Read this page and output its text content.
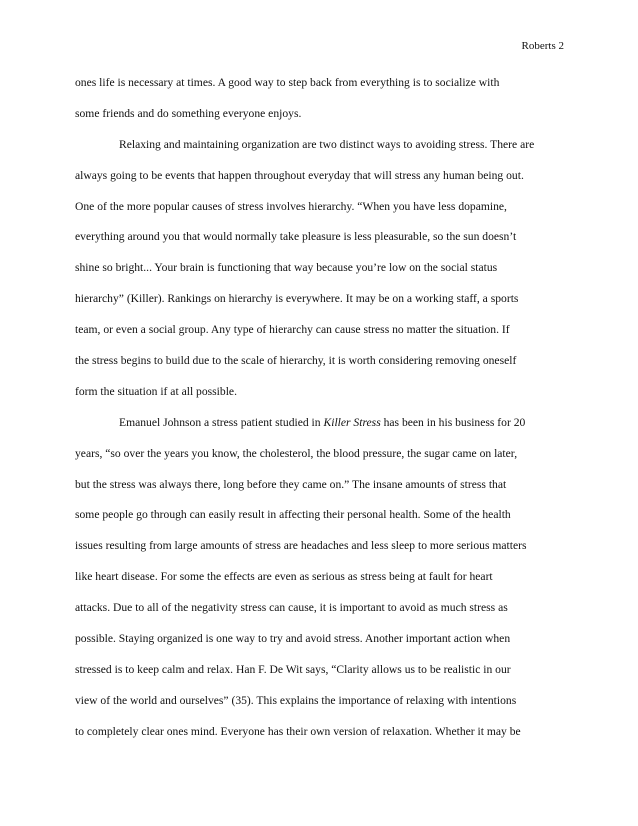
Roberts 2
ones life is necessary at times. A good way to step back from everything is to socialize with
some friends and do something everyone enjoys.
Relaxing and maintaining organization are two distinct ways to avoiding stress. There are
always going to be events that happen throughout everyday that will stress any human being out.
One of the more popular causes of stress involves hierarchy. “When you have less dopamine,
everything around you that would normally take pleasure is less pleasurable, so the sun doesn’t
shine so bright... Your brain is functioning that way because you’re low on the social status
hierarchy” (Killer). Rankings on hierarchy is everywhere. It may be on a working staff, a sports
team, or even a social group. Any type of hierarchy can cause stress no matter the situation. If
the stress begins to build due to the scale of hierarchy, it is worth considering removing oneself
form the situation if at all possible.
Emanuel Johnson a stress patient studied in Killer Stress has been in his business for 20
years, “so over the years you know, the cholesterol, the blood pressure, the sugar came on later,
but the stress was always there, long before they came on.” The insane amounts of stress that
some people go through can easily result in affecting their personal health. Some of the health
issues resulting from large amounts of stress are headaches and less sleep to more serious matters
like heart disease. For some the effects are even as serious as stress being at fault for heart
attacks. Due to all of the negativity stress can cause, it is important to avoid as much stress as
possible. Staying organized is one way to try and avoid stress. Another important action when
stressed is to keep calm and relax. Han F. De Wit says, “Clarity allows us to be realistic in our
view of the world and ourselves” (35). This explains the importance of relaxing with intentions
to completely clear ones mind. Everyone has their own version of relaxation. Whether it may be
